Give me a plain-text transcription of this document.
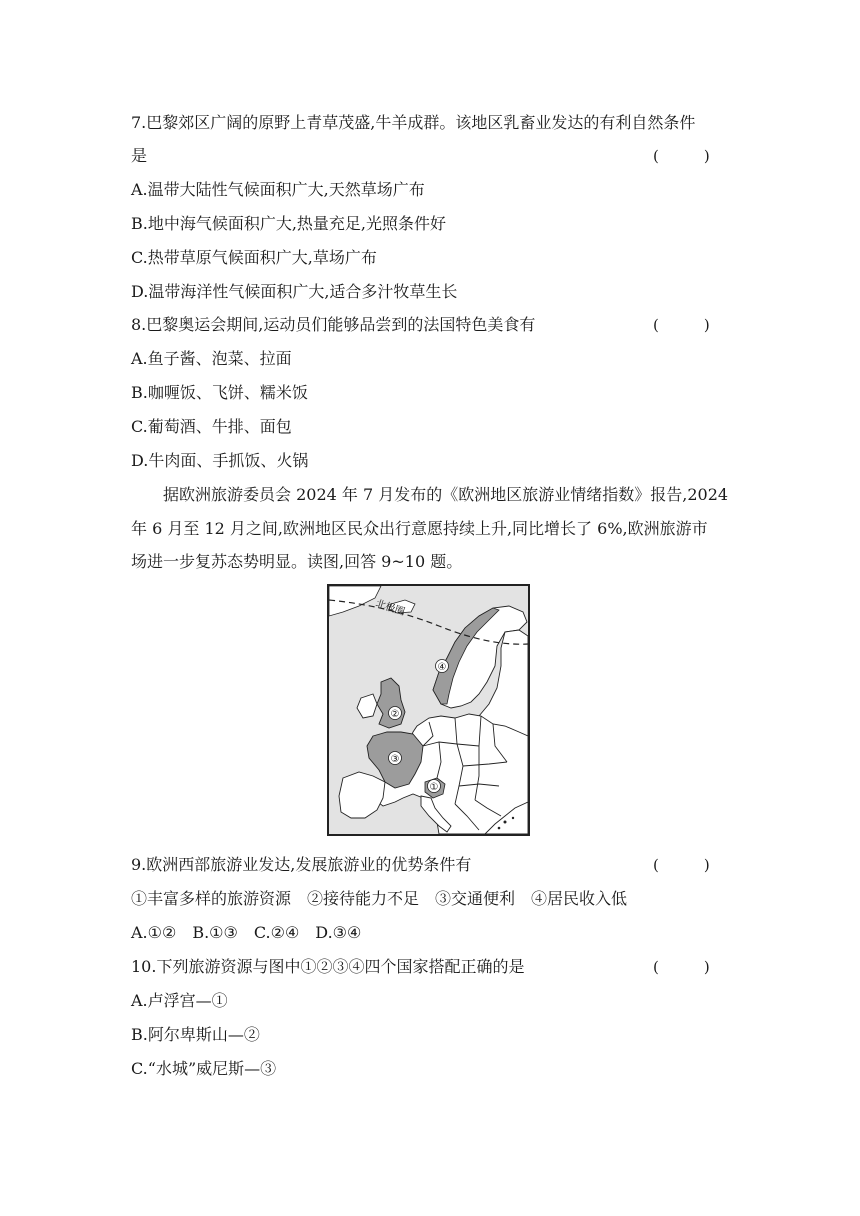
7.巴黎郊区广阔的原野上青草茂盛,牛羊成群。该地区乳畜业发达的有利自然条件
是	(　　　)
A.温带大陆性气候面积广大,天然草场广布
B.地中海气候面积广大,热量充足,光照条件好
C.热带草原气候面积广大,草场广布
D.温带海洋性气候面积广大,适合多汁牧草生长
8.巴黎奥运会期间,运动员们能够品尝到的法国特色美食有	(　　　)
A.鱼子酱、泡菜、拉面
B.咖喱饭、飞饼、糯米饭
C.葡萄酒、牛排、面包
D.牛肉面、手抓饭、火锅
据欧洲旅游委员会 2024 年 7 月发布的《欧洲地区旅游业情绪指数》报告,2024
年 6 月至 12 月之间,欧洲地区民众出行意愿持续上升,同比增长了 6%,欧洲旅游市
场进一步复苏态势明显。读图,回答 9~10 题。
北极圈
④
②
③
①
9.欧洲西部旅游业发达,发展旅游业的优势条件有	(　　　)
①丰富多样的旅游资源　②接待能力不足　③交通便利　④居民收入低
A.①②　B.①③　C.②④　D.③④
10.下列旅游资源与图中①②③④四个国家搭配正确的是	(　　　)
A.卢浮宫—①
B.阿尔卑斯山—②
C.“水城”威尼斯—③
